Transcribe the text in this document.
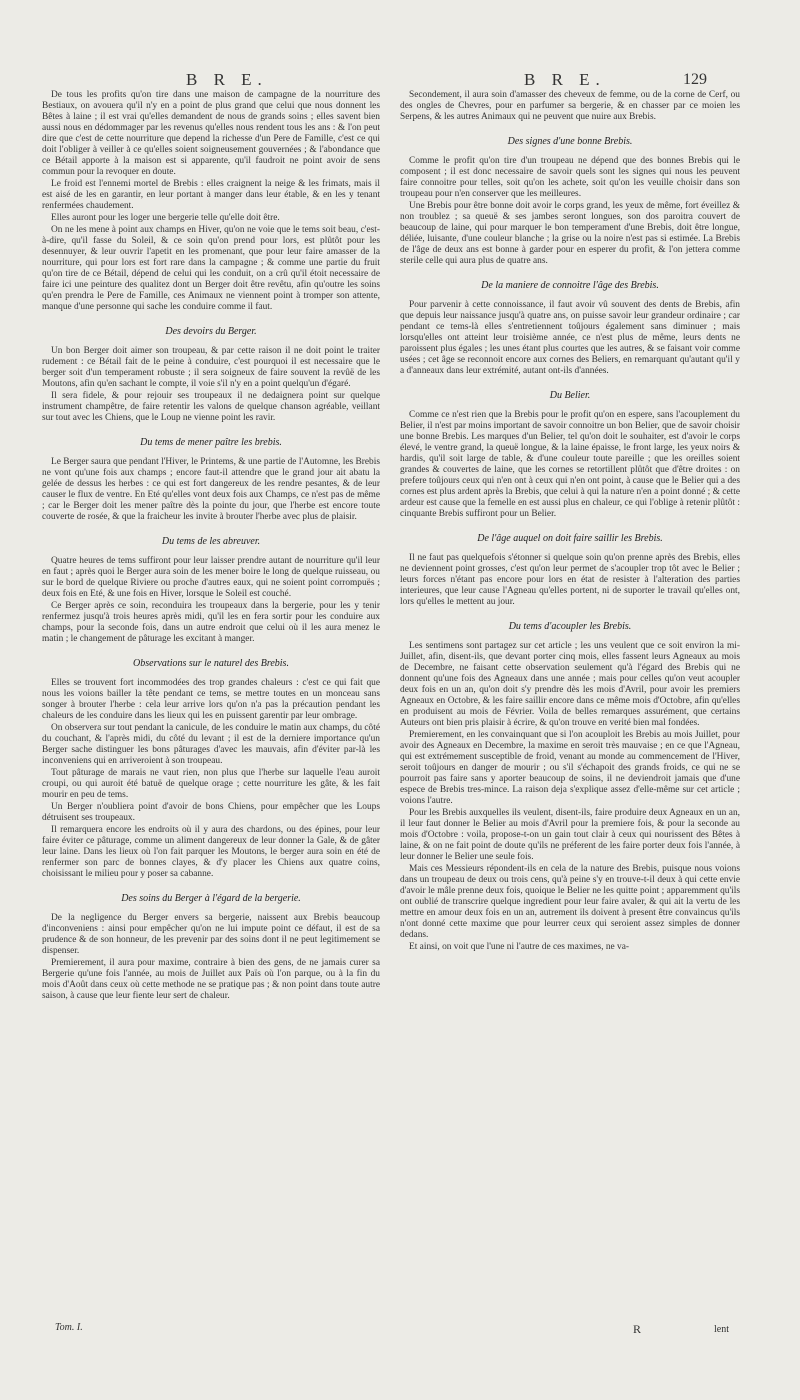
B R E.	B R E.	129

De tous les profits qu'on tire dans une maison de campagne de la nourriture des Bestiaux, on avouera qu'il n'y en a point de plus grand que celui que nous donnent les Bêtes à laine ; il est vrai qu'elles demandent de nous de grands soins ; elles savent bien aussi nous en dédommager par les revenus qu'elles nous rendent tous les ans : & l'on peut dire que c'est de cette nourriture que depend la richesse d'un Pere de Famille, c'est ce qui doit l'obliger à veiller à ce qu'elles soient soigneusement gouvernées ; & l'abondance que ce Bétail apporte à la maison est si apparente, qu'il faudroit ne point avoir de sens commun pour la revoquer en doute.

Le froid est l'ennemi mortel de Brebis : elles craignent la neige & les frimats, mais il est aisé de les en garantir, en leur portant à manger dans leur étable, & en les y tenant renfermées chaudement.

Elles auront pour les loger une bergerie telle qu'elle doit être.

On ne les mene à point aux champs en Hiver, qu'on ne voie que le tems soit beau, c'est-à-dire, qu'il fasse du Soleil, & ce soin qu'on prend pour lors, est plûtôt pour les desennuyer, & leur ouvrir l'apetit en les promenant, que pour leur faire amasser de la nourriture, qui pour lors est fort rare dans la campagne ; & comme une partie du fruit qu'on tire de ce Bétail, dépend de celui qui les conduit, on a crû qu'il étoit necessaire de faire ici une peinture des qualitez dont un Berger doit être revêtu, afin qu'outre les soins qu'en prendra le Pere de Famille, ces Animaux ne viennent point à tromper son attente, manque d'une personne qui sache les conduire comme il faut.

Des devoirs du Berger.

Un bon Berger doit aimer son troupeau, & par cette raison il ne doit point le traiter rudement : ce Bétail fait de le peine à conduire, c'est pourquoi il est necessaire que le berger soit d'un temperament robuste ; il sera soigneux de faire souvent la revûë de les Moutons, afin qu'en sachant le compte, il voie s'il n'y en a point quelqu'un d'égaré.

Il sera fidele, & pour rejouir ses troupeaux il ne dedaignera point sur quelque instrument champêtre, de faire retentir les valons de quelque chanson agréable, veillant sur tout avec les Chiens, que le Loup ne vienne point les ravir.

Du tems de mener paître les brebis.

Le Berger saura que pendant l'Hiver, le Printems, & une partie de l'Automne, les Brebis ne vont qu'une fois aux champs ; encore faut-il attendre que le grand jour ait abatu la gelée de dessus les herbes : ce qui est fort dangereux de les rendre pesantes, & de leur causer le flux de ventre. En Eté qu'elles vont deux fois aux Champs, ce n'est pas de même ; car le Berger doit les mener paître dès la pointe du jour, que l'herbe est encore toute couverte de rosée, & que la fraicheur les invite à brouter l'herbe avec plus de plaisir.

Du tems de les abreuver.

Quatre heures de tems suffiront pour leur laisser prendre autant de nourriture qu'il leur en faut ; après quoi le Berger aura soin de les mener boire le long de quelque ruisseau, ou sur le bord de quelque Riviere ou proche d'autres eaux, qui ne soient point corrompuës ; deux fois en Eté, & une fois en Hiver, lorsque le Soleil est couché.

Ce Berger après ce soin, reconduira les troupeaux dans la bergerie, pour les y tenir renfermez jusqu'à trois heures après midi, qu'il les en fera sortir pour les conduire aux champs, pour la seconde fois, dans un autre endroit que celui où il les aura menez le matin ; le changement de pâturage les excitant à manger.

Observations sur le naturel des Brebis.

Elles se trouvent fort incommodées des trop grandes chaleurs : c'est ce qui fait que nous les voions bailler la tête pendant ce tems, se mettre toutes en un monceau sans songer à brouter l'herbe : cela leur arrive lors qu'on n'a pas la précaution pendant les chaleurs de les conduire dans les lieux qui les en puissent garentir par leur ombrage.

On observera sur tout pendant la canicule, de les conduire le matin aux champs, du côté du couchant, & l'après midi, du côté du levant ; il est de la derniere importance qu'un Berger sache distinguer les bons pâturages d'avec les mauvais, afin d'éviter par-là les inconveniens qui en arriveroient à son troupeau.

Tout pâturage de marais ne vaut rien, non plus que l'herbe sur laquelle l'eau auroit croupi, ou qui auroit été batuë de quelque orage ; cette nourriture les gâte, & les fait mourir en peu de tems.

Un Berger n'oubliera point d'avoir de bons Chiens, pour empêcher que les Loups détruisent ses troupeaux.

Il remarquera encore les endroits où il y aura des chardons, ou des épines, pour leur faire éviter ce pâturage, comme un aliment dangereux de leur donner la Gale, & de gâter leur laine. Dans les lieux où l'on fait parquer les Moutons, le berger aura soin en été de renfermer son parc de bonnes clayes, & d'y placer les Chiens aux quatre coins, choisissant le milieu pour y poser sa cabanne.

Des soins du Berger à l'égard de la bergerie.

De la negligence du Berger envers sa bergerie, naissent aux Brebis beaucoup d'inconveniens : ainsi pour empêcher qu'on ne lui impute point ce défaut, il est de sa prudence & de son honneur, de les prevenir par des soins dont il ne peut legitimement se dispenser.

Premierement, il aura pour maxime, contraire à bien des gens, de ne jamais curer sa Bergerie qu'une fois l'année, au mois de Juillet aux Païs où l'on parque, ou à la fin du mois d'Août dans ceux où cette methode ne se pratique pas ; & non point dans toute autre saison, à cause que leur fiente leur sert de chaleur.

Secondement, il aura soin d'amasser des cheveux de femme, ou de la corne de Cerf, ou des ongles de Chevres, pour en parfumer sa bergerie, & en chasser par ce moien les Serpens, & les autres Animaux qui ne peuvent que nuire aux Brebis.

Des signes d'une bonne Brebis.

Comme le profit qu'on tire d'un troupeau ne dépend que des bonnes Brebis qui le composent ; il est donc necessaire de savoir quels sont les signes qui nous les peuvent faire connoitre pour telles, soit qu'on les achete, soit qu'on les veuille choisir dans son troupeau pour n'en conserver que les meilleures.

Une Brebis pour être bonne doit avoir le corps grand, les yeux de même, fort éveillez & non troublez ; sa queuë & ses jambes seront longues, son dos paroitra couvert de beaucoup de laine, qui pour marquer le bon temperament d'une Brebis, doit être longue, déliée, luisante, d'une couleur blanche ; la grise ou la noire n'est pas si estimée. La Brebis de l'âge de deux ans est bonne à garder pour en esperer du profit, & l'on jettera comme sterile celle qui aura plus de quatre ans.

De la maniere de connoitre l'âge des Brebis.

Pour parvenir à cette connoissance, il faut avoir vû souvent des dents de Brebis, afin que depuis leur naissance jusqu'à quatre ans, on puisse savoir leur grandeur ordinaire ; car pendant ce tems-là elles s'entretiennent toûjours également sans diminuer ; mais lorsqu'elles ont atteint leur troisième année, ce n'est plus de même, leurs dents ne paroissent plus égales ; les unes étant plus courtes que les autres, & se faisant voir comme usées ; cet âge se reconnoit encore aux cornes des Beliers, en remarquant qu'autant qu'il y a d'anneaux dans leur extrémité, autant ont-ils d'années.

Du Belier.

Comme ce n'est rien que la Brebis pour le profit qu'on en espere, sans l'acouplement du Belier, il n'est par moins important de savoir connoitre un bon Belier, que de savoir choisir une bonne Brebis. Les marques d'un Belier, tel qu'on doit le souhaiter, est d'avoir le corps élevé, le ventre grand, la queuë longue, & la laine épaisse, le front large, les yeux noirs & hardis, qu'il soit large de table, & d'une couleur toute pareille ; que les oreilles soient grandes & couvertes de laine, que les cornes se retortillent plûtôt que d'être droites : on prefere toûjours ceux qui n'en ont à ceux qui n'en ont point, à cause que le Belier qui a des cornes est plus ardent après la Brebis, que celui à qui la nature n'en a point donné ; & cette ardeur est cause que la femelle en est aussi plus en chaleur, ce qui l'oblige à retenir plûtôt : cinquante Brebis suffiront pour un Belier.

De l'âge auquel on doit faire saillir les Brebis.

Il ne faut pas quelquefois s'étonner si quelque soin qu'on prenne après des Brebis, elles ne deviennent point grosses, c'est qu'on leur permet de s'acoupler trop tôt avec le Belier ; leurs forces n'étant pas encore pour lors en état de resister à l'alteration des parties interieures, que leur cause l'Agneau qu'elles portent, ni de suporter le travail qu'elles ont, lors qu'elles le mettent au jour.

Du tems d'acoupler les Brebis.

Les sentimens sont partagez sur cet article ; les uns veulent que ce soit environ la mi-Juillet, afin, disent-ils, que devant porter cinq mois, elles fassent leurs Agneaux au mois de Decembre, ne faisant cette observation seulement qu'à l'égard des Brebis qui ne donnent qu'une fois des Agneaux dans une année ; mais pour celles qu'on veut acoupler deux fois en un an, qu'on doit s'y prendre dès les mois d'Avril, pour avoir les premiers Agneaux en Octobre, & les faire saillir encore dans ce même mois d'Octobre, afin qu'elles en produisent au mois de Février. Voila de belles remarques assurément, que certains Auteurs ont bien pris plaisir à écrire, & qu'on trouve en verité bien mal fondées.

Premierement, en les convainquant que si l'on acouploit les Brebis au mois Juillet, pour avoir des Agneaux en Decembre, la maxime en seroit très mauvaise ; en ce que l'Agneau, qui est extrémement susceptible de froid, venant au monde au commencement de l'Hiver, seroit toûjours en danger de mourir ; ou s'il s'échapoit des grands froids, ce qui ne se pourroit pas faire sans y aporter beaucoup de soins, il ne deviendroit jamais que d'une espece de Brebis tres-mince. La raison deja s'explique assez d'elle-même sur cet article ; voions l'autre.

Pour les Brebis auxquelles ils veulent, disent-ils, faire produire deux Agneaux en un an, il leur faut donner le Belier au mois d'Avril pour la premiere fois, & pour la seconde au mois d'Octobre : voila, propose-t-on un gain tout clair à ceux qui nourissent des Bêtes à laine, & on ne fait point de doute qu'ils ne préferent de les faire porter deux fois l'année, à leur donner le Belier une seule fois.

Mais ces Messieurs répondent-ils en cela de la nature des Brebis, puisque nous voions dans un troupeau de deux ou trois cens, qu'à peine s'y en trouve-t-il deux à qui cette envie d'avoir le mâle prenne deux fois, quoique le Belier ne les quitte point ; apparemment qu'ils ont oublié de transcrire quelque ingredient pour leur faire avaler, & qui ait la vertu de les mettre en amour deux fois en un an, autrement ils doivent à present être convaincus qu'ils n'ont donné cette maxime que pour leurrer ceux qui seroient assez simples de donner dedans.

Et ainsi, on voit que l'une ni l'autre de ces maximes, ne va-

Tom. I.	R	lent
